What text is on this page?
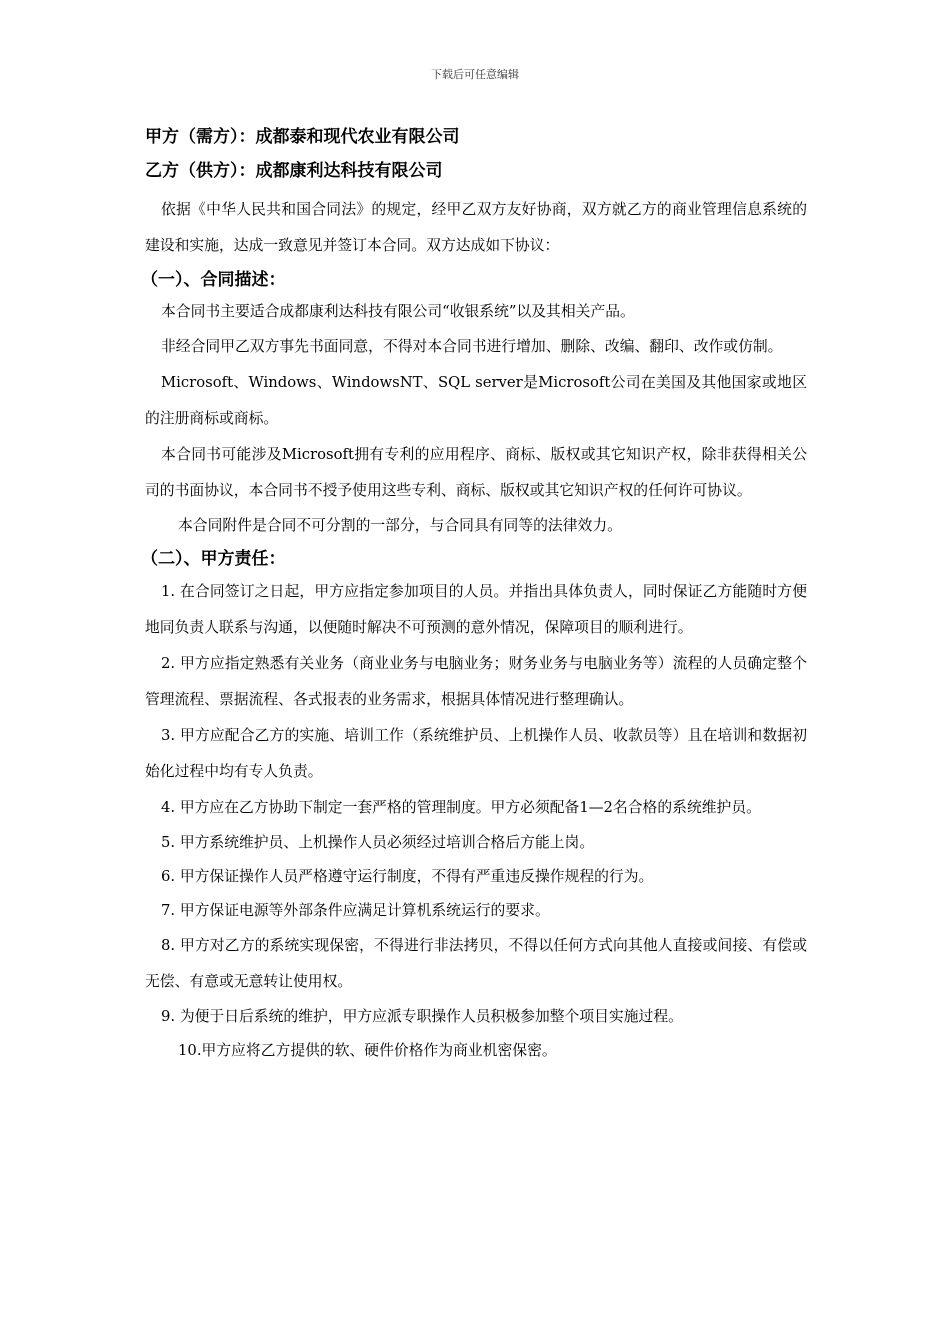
下载后可任意编辑
甲方（需方）：成都泰和现代农业有限公司
乙方（供方）：成都康利达科技有限公司

依据《中华人民共和国合同法》的规定，经甲乙双方友好协商，双方就乙方的商业管理信息系统的建设和实施，达成一致意见并签订本合同。双方达成如下协议：

（一）、合同描述：

本合同书主要适合成都康利达科技有限公司“收银系统”以及其相关产品。

非经合同甲乙双方事先书面同意，不得对本合同书进行增加、删除、改编、翻印、改作或仿制。

Microsoft、Windows、WindowsNT、SQL server是Microsoft公司在美国及其他国家或地区的注册商标或商标。

本合同书可能涉及Microsoft拥有专利的应用程序、商标、版权或其它知识产权，除非获得相关公司的书面协议，本合同书不授予使用这些专利、商标、版权或其它知识产权的任何许可协议。

本合同附件是合同不可分割的一部分，与合同具有同等的法律效力。

（二）、甲方责任：

1. 在合同签订之日起，甲方应指定参加项目的人员。并指出具体负责人，同时保证乙方能随时方便地同负责人联系与沟通，以便随时解决不可预测的意外情况，保障项目的顺利进行。

2. 甲方应指定熟悉有关业务（商业业务与电脑业务；财务业务与电脑业务等）流程的人员确定整个管理流程、票据流程、各式报表的业务需求，根据具体情况进行整理确认。

3. 甲方应配合乙方的实施、培训工作（系统维护员、上机操作人员、收款员等）且在培训和数据初始化过程中均有专人负责。

4. 甲方应在乙方协助下制定一套严格的管理制度。甲方必须配备1—2名合格的系统维护员。

5. 甲方系统维护员、上机操作人员必须经过培训合格后方能上岗。

6. 甲方保证操作人员严格遵守运行制度，不得有严重违反操作规程的行为。

7. 甲方保证电源等外部条件应满足计算机系统运行的要求。

8. 甲方对乙方的系统实现保密，不得进行非法拷贝，不得以任何方式向其他人直接或间接、有偿或无偿、有意或无意转让使用权。

9. 为便于日后系统的维护，甲方应派专职操作人员积极参加整个项目实施过程。

10.甲方应将乙方提供的软、硬件价格作为商业机密保密。
